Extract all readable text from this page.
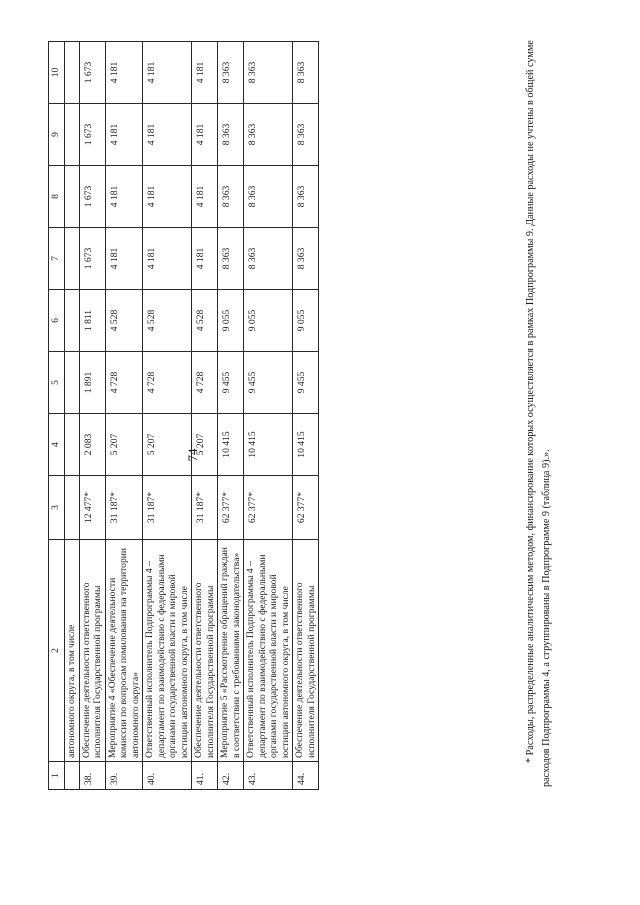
74
1	2	3	4	5	6	7	8	9	10
	автономного округа, в том числе								
38.	Обеспечение деятельности ответственного исполнителя Государственной программы	12 477*	2 083	1 891	1 811	1 673	1 673	1 673	1 673
39.	Мероприятие 4 «Обеспечение деятельности комиссии по вопросам помилования на территории автономного округа»	31 187*	5 207	4 728	4 528	4 181	4 181	4 181	4 181
40.	Ответственный исполнитель Подпрограммы 4 – департамент по взаимодействию с федеральными органами государственной власти и мировой юстиции автономного округа, в том числе	31 187*	5 207	4 728	4 528	4 181	4 181	4 181	4 181
41.	Обеспечение деятельности ответственного исполнителя Государственной программы	31 187*	5 207	4 728	4 528	4 181	4 181	4 181	4 181
42.	Мероприятие 5 «Рассмотрение обращений граждан в соответствии с требованиями законодательства»	62 377*	10 415	9 455	9 055	8 363	8 363	8 363	8 363
43.	Ответственный исполнитель Подпрограммы 4 – департамент по взаимодействию с федеральными органами государственной власти и мировой юстиции автономного округа, в том числе	62 377*	10 415	9 455	9 055	8 363	8 363	8 363	8 363
44.	Обеспечение деятельности ответственного исполнителя Государственной программы	62 377*	10 415	9 455	9 055	8 363	8 363	8 363	8 363	* Расходы, распределенные аналитическим методом, финансирование которых осуществляется в рамках Подпрограммы 9. Данные расходы не учтены в общей сумме расходов Подпрограммы 4, а сгруппированы в Подпрограмме 9 (таблица 9).».
